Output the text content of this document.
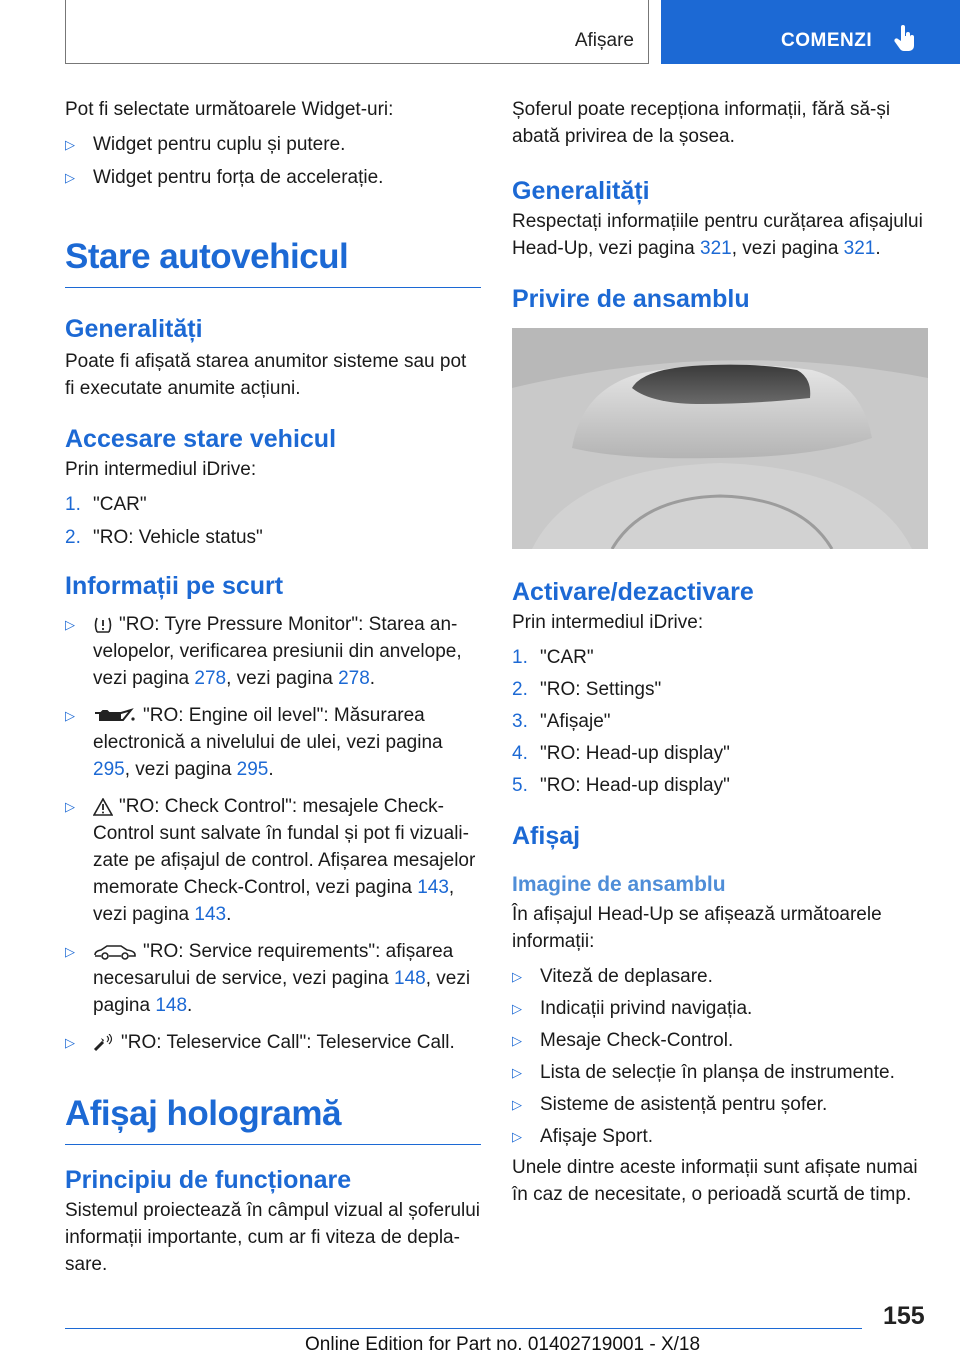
Afișare	COMENZI

Pot fi selectate următoarele Widget-uri:

▷ Widget pentru cuplu și putere.
▷ Widget pentru forța de accelerație.
Stare autovehicul
Generalități

Poate fi afișată starea anumitor sisteme sau pot fi executate anumite acțiuni.

Accesare stare vehicul

Prin intermediul iDrive:

1. "CAR"
2. "RO: Vehicle status"
Informații pe scurt
▷ "RO: Tyre Pressure Monitor": Starea anvelopelor, verificarea presiunii din anvelope, vezi pagina 278, vezi pagina 278.
▷	"RO: Engine oil level": Măsurarea electronică a nivelului de ulei, vezi pagina 295, vezi pagina 295.
▷ "RO: Check Control": mesajele Check-Control sunt salvate în fundal și pot fi vizualizate pe afișajul de control. Afișarea mesajelor memorate Check-Control, vezi pagina 143, vezi pagina 143.
▷	"RO: Service requirements": afișarea necesarului de service, vezi pagina 148, vezi pagina 148.
▷ "RO: Teleservice Call": Teleservice Call.
Afișaj hologramă
Principiu de funcționare

Sistemul proiectează în câmpul vizual al șoferului informații importante, cum ar fi viteza de deplasare.

Șoferul poate recepționa informații, fără să-și abată privirea de la șosea.

Generalități

Respectați informațiile pentru curățarea afișajului Head-Up, vezi pagina 321, vezi pagina 321.

Privire de ansamblu
Activare/dezactivare

Prin intermediul iDrive:

1. "CAR"
2. "RO: Settings"
3. "Afișaje"
4. "RO: Head-up display"
5. "RO: Head-up display"
Afișaj
Imagine de ansamblu

În afișajul Head-Up se afișează următoarele informații:

▷ Viteză de deplasare.
▷ Indicații privind navigația.
▷ Mesaje Check-Control.
▷ Lista de selecție în planșa de instrumente.
▷ Sisteme de asistență pentru șofer.
▷ Afișaje Sport.

Unele dintre aceste informații sunt afișate numai în caz de necesitate, o perioadă scurtă de timp.

155
Online Edition for Part no. 01402719001 - X/18
